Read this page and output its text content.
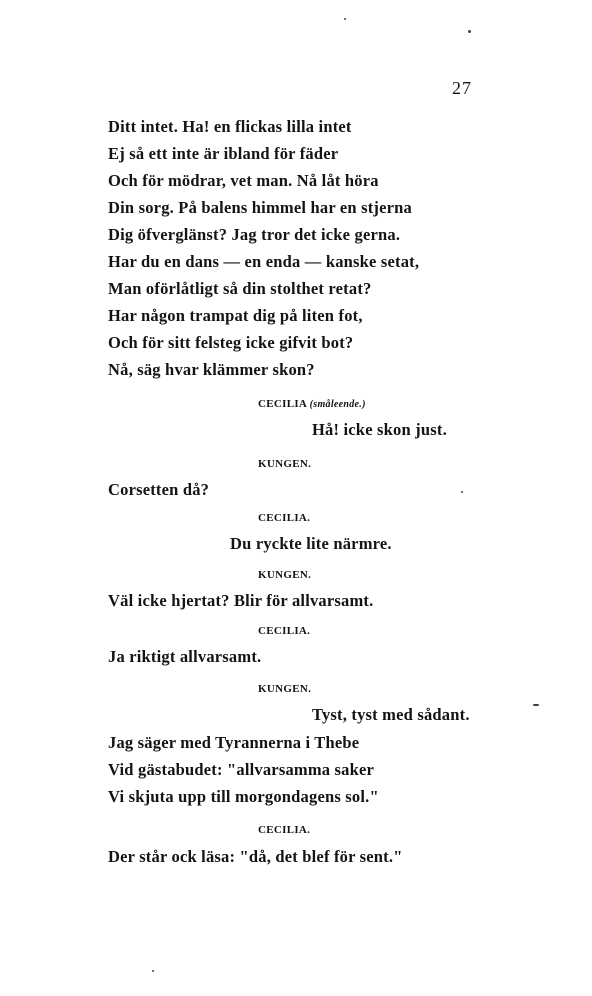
27
Ditt intet. Ha! en flickas lilla intet
Ej så ett inte är ibland för fäder
Och för mödrar, vet man. Nå låt höra
Din sorg. På balens himmel har en stjerna
Dig öfverglänst? Jag tror det icke gerna.
Har du en dans — en enda — kanske setat,
Man oförlåtligt så din stolthet retat?
Har någon trampat dig på liten fot,
Och för sitt felsteg icke gifvit bot?
Nå, säg hvar klämmer skon?
CECILIA (småleende.)
Hå! icke skon just.
KUNGEN.
Corsetten då?
CECILIA.
Du ryckte lite närmre.
KUNGEN.
Väl icke hjertat? Blir för allvarsamt.
CECILIA.
Ja riktigt allvarsamt.
KUNGEN.
Tyst, tyst med sådant.
Jag säger med Tyrannerna i Thebe
Vid gästabudet: "allvarsamma saker
Vi skjuta upp till morgondagens sol."
CECILIA.
Der står ock läsa: "då, det blef för sent."
